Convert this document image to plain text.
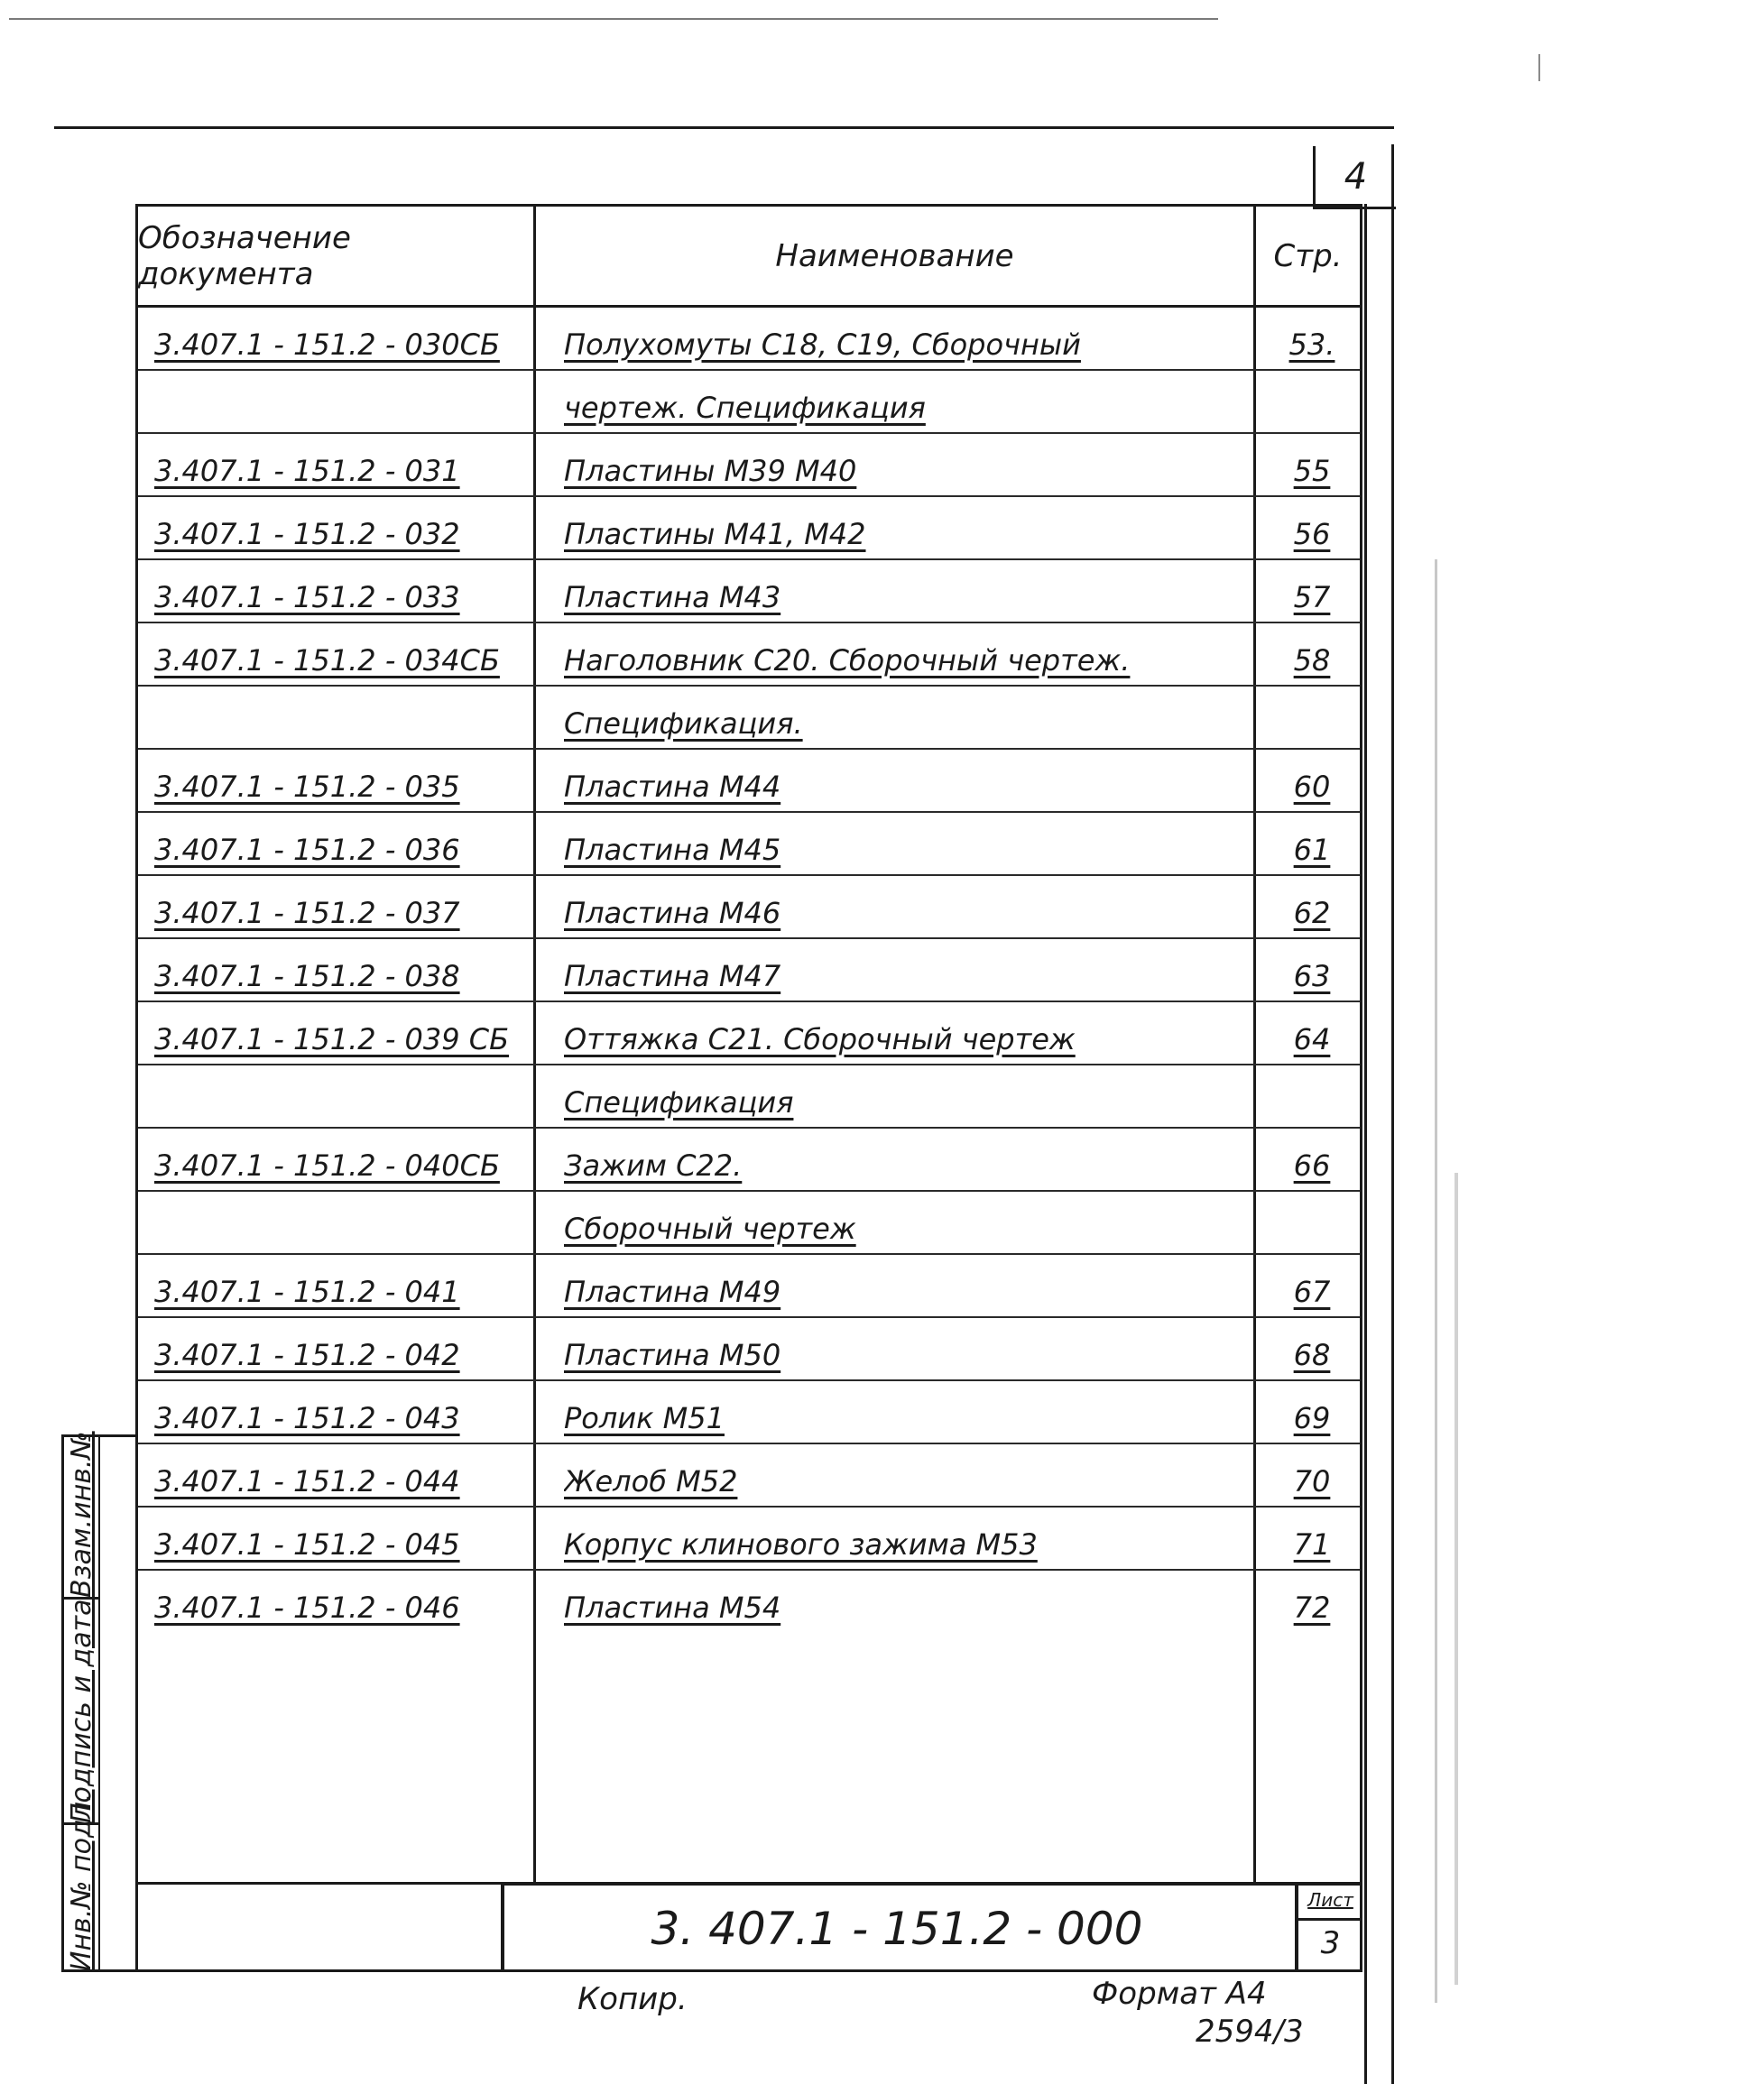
4
Обозначение документа	Наименование	Стр.
3.407.1 - 151.2 - 030СБ	Полухомуты С18, С19, Сборочный	53.
чертеж. Спецификация
3.407.1 - 151.2 - 031	Пластины М39 М40	55
3.407.1 - 151.2 - 032	Пластины М41, М42	56
3.407.1 - 151.2 - 033	Пластина М43	57
3.407.1 - 151.2 - 034СБ	Наголовник С20. Сборочный чертеж.	58
Спецификация.
3.407.1 - 151.2 - 035	Пластина М44	60
3.407.1 - 151.2 - 036	Пластина М45	61
3.407.1 - 151.2 - 037	Пластина М46	62
3.407.1 - 151.2 - 038	Пластина М47	63
3.407.1 - 151.2 - 039 СБ	Оттяжка С21. Сборочный чертеж	64
Спецификация
3.407.1 - 151.2 - 040СБ	Зажим С22.	66
Сборочный чертеж
3.407.1 - 151.2 - 041	Пластина М49	67
3.407.1 - 151.2 - 042	Пластина М50	68
3.407.1 - 151.2 - 043	Ролик М51	69
3.407.1 - 151.2 - 044	Желоб М52	70
3.407.1 - 151.2 - 045	Корпус клинового зажима М53	71
3.407.1 - 151.2 - 046	Пластина М54	72
3. 407.1 - 151.2 - 000
Лист
3
Взам.инв.№
Подпись и дата
Инв.№ подл.
Копир.	Формат А4
2594/3
